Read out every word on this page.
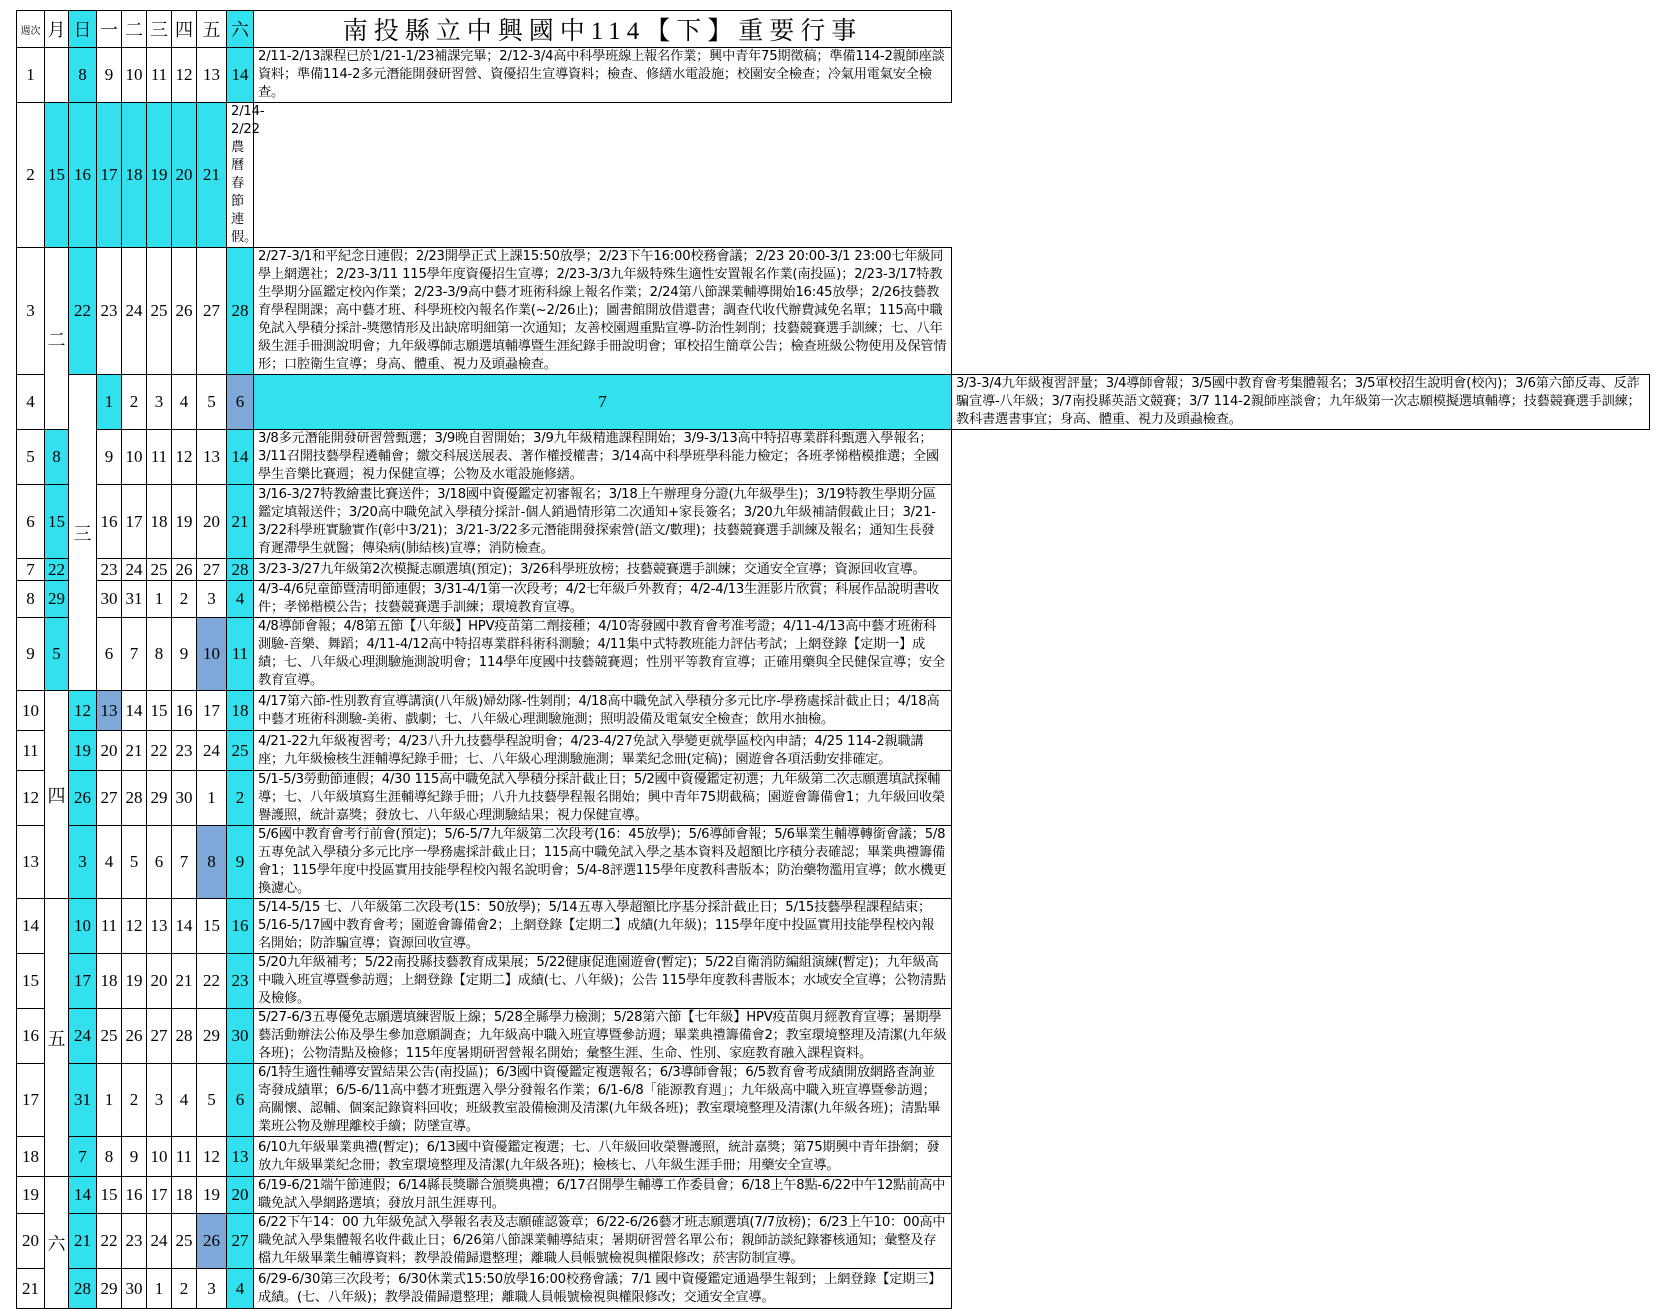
週次	月	日	一	二	三	四	五	六	南投縣立中興國中114【下】重要行事	
1		8	9	10	11	12	13	14	2/11-2/13課程已於1/21-1/23補課完畢；2/12-3/4高中科學班線上報名作業；興中青年75期徵稿；準備114-2親師座談資料；準備114-2多元潛能開發研習營、資優招生宣導資料；檢查、修繕水電設施；校園安全檢查；冷氣用電氣安全檢查。	
2	15	16	17	18	19	20	21	2/14-2/22農曆春節連假。		
3	二	22	23	24	25	26	27	28	2/27-3/1和平紀念日連假；2/23開學正式上課15:50放學；2/23下午16:00校務會議；2/23 20:00-3/1 23:00七年級同學上網選社；2/23-3/11 115學年度資優招生宣導；2/23-3/3九年級特殊生適性安置報名作業(南投區)；2/23-3/17特教生學期分區鑑定校內作業；2/23-3/9高中藝才班術科線上報名作業；2/24第八節課業輔導開始16:45放學；2/26技藝教育學程開課；高中藝才班、科學班校內報名作業(~2/26止)；圖書館開放借還書；調查代收代辦費減免名單；115高中職免試入學積分採計-獎懲情形及出缺席明細第一次通知；友善校園週重點宣導-防治性剝削；技藝競賽選手訓練；七、八年級生涯手冊測說明會；九年級導師志願選填輔導暨生涯紀錄手冊說明會；軍校招生簡章公告；檢查班級公物使用及保管情形；口腔衛生宣導；身高、體重、視力及頭蝨檢查。	
4		三	1	2	3	4	5	6	7	3/3-3/4九年級複習評量；3/4導師會報；3/5國中教育會考集體報名；3/5軍校招生說明會(校內)；3/6第六節反毒、反詐騙宣導-八年級；3/7南投縣英語文競賽；3/7 114-2親師座談會；九年級第一次志願模擬選填輔導；技藝競賽選手訓練；教科書選書事宜；身高、體重、視力及頭蝨檢查。
5	8		9	10	11	12	13	14	3/8多元潛能開發研習營甄選；3/9晚自習開始；3/9九年級精進課程開始；3/9-3/13高中特招專業群科甄選入學報名；3/11召開技藝學程遴輔會；繳交科展送展表、著作權授權書；3/14高中科學班學科能力檢定；各班孝悌楷模推選；全國學生音樂比賽週；視力保健宣導；公物及水電設施修繕。	
6	15		16	17	18	19	20	21	3/16-3/27特教繪畫比賽送件；3/18國中資優鑑定初審報名；3/18上午辦理身分證(九年級學生)；3/19特教生學期分區鑑定填報送件；3/20高中職免試入學積分採計-個人銷過情形第二次通知+家長簽名；3/20九年級補請假截止日；3/21-3/22科學班實驗實作(彰中3/21)；3/21-3/22多元潛能開發探索營(語文/數理)；技藝競賽選手訓練及報名；通知生長發育遲滯學生就醫；傳染病(肺結核)宣導；消防檢查。	
7	22		23	24	25	26	27	28	3/23-3/27九年級第2次模擬志願選填(預定)；3/26科學班放榜；技藝競賽選手訓練；交通安全宣導；資源回收宣導。	
8	29		30	31	1	2	3	4	4/3-4/6兒童節暨清明節連假；3/31-4/1第一次段考；4/2七年級戶外教育；4/2-4/13生涯影片欣賞；科展作品說明書收件；孝悌楷模公告；技藝競賽選手訓練；環境教育宣導。	
9	5		6	7	8	9	10	11	4/8導師會報；4/8第五節【八年級】HPV疫苗第二劑接種；4/10寄發國中教育會考准考證；4/11-4/13高中藝才班術科測驗-音樂、舞蹈；4/11-4/12高中特招專業群科術科測驗；4/11集中式特教班能力評估考試；上網登錄【定期一】成績；七、八年級心理測驗施測說明會；114學年度國中技藝競賽週；性別平等教育宣導；正確用藥與全民健保宣導；安全教育宣導。	
10	四	12	13	14	15	16	17	18	4/17第六節-性別教育宣導講演(八年級)婦幼隊-性剝削；4/18高中職免試入學積分多元比序-學務處採計截止日；4/18高中藝才班術科測驗-美術、戲劇；七、八年級心理測驗施測；照明設備及電氣安全檢查；飲用水抽檢。	
11		19	20	21	22	23	24	25	4/21-22九年級複習考；4/23八升九技藝學程說明會；4/23-4/27免試入學變更就學區校內申請；4/25 114-2親職講座；九年級檢核生涯輔導紀錄手冊；七、八年級心理測驗施測；畢業紀念冊(定稿)；園遊會各項活動安排確定。	
12		26	27	28	29	30	1	2	5/1-5/3勞動節連假；4/30 115高中職免試入學積分採計截止日；5/2國中資優鑑定初選；九年級第二次志願選填試探輔導；七、八年級填寫生涯輔導紀錄手冊；八升九技藝學程報名開始；興中青年75期截稿；園遊會籌備會1；九年級回收榮譽護照，統計嘉獎；發放七、八年級心理測驗結果；視力保健宣導。	
13		3	4	5	6	7	8	9	5/6國中教育會考行前會(預定)；5/6-5/7九年級第二次段考(16：45放學)；5/6導師會報；5/6畢業生輔導轉銜會議；5/8五專免試入學積分多元比序一學務處採計截止日；115高中職免試入學之基本資料及超額比序積分表確認；畢業典禮籌備會1；115學年度中投區實用技能學程校內報名說明會；5/4-8評選115學年度教科書版本；防治藥物濫用宣導；飲水機更換濾心。	
14	五	10	11	12	13	14	15	16	5/14-5/15 七、八年級第二次段考(15：50放學)；5/14五專入學超額比序基分採計截止日；5/15技藝學程課程結束；5/16-5/17國中教育會考；園遊會籌備會2；上網登錄【定期二】成績(九年級)；115學年度中投區實用技能學程校內報名開始；防詐騙宣導；資源回收宣導。	
15		17	18	19	20	21	22	23	5/20九年級補考；5/22南投縣技藝教育成果展；5/22健康促進園遊會(暫定)；5/22自衛消防編組演練(暫定)；九年級高中職入班宣導暨參訪週；上網登錄【定期二】成績(七、八年級)；公告 115學年度教科書版本；水域安全宣導；公物清點及檢修。	
16		24	25	26	27	28	29	30	5/27-6/3五專優免志願選填練習版上線；5/28全縣學力檢測；5/28第六節【七年級】HPV疫苗與月經教育宣導；暑期學藝活動辦法公佈及學生參加意願調查；九年級高中職入班宣導暨參訪週；畢業典禮籌備會2；教室環境整理及清潔(九年級各班)；公物清點及檢修；115年度暑期研習營報名開始；彙整生涯、生命、性別、家庭教育融入課程資料。	
17		31	1	2	3	4	5	6	6/1特生適性輔導安置結果公告(南投區)；6/3國中資優鑑定複選報名；6/3導師會報；6/5教育會考成績開放網路查詢並寄發成績單；6/5-6/11高中藝才班甄選入學分發報名作業；6/1-6/8「能源教育週」；九年級高中職入班宣導暨參訪週；高關懷、認輔、個案記錄資料回收；班級教室設備檢測及清潔(九年級各班)；教室環境整理及清潔(九年級各班)；清點畢業班公物及辦理離校手續；防墜宣導。	
18		7	8	9	10	11	12	13	6/10九年級畢業典禮(暫定)；6/13國中資優鑑定複選；七、八年級回收榮譽護照，統計嘉獎；第75期興中青年掛網；發放九年級畢業紀念冊；教室環境整理及清潔(九年級各班)；檢核七、八年級生涯手冊；用藥安全宣導。	
19	六	14	15	16	17	18	19	20	6/19-6/21端午節連假；6/14縣長獎聯合頒獎典禮；6/17召開學生輔導工作委員會；6/18上午8點-6/22中午12點前高中職免試入學網路選填；發放月訊生涯專刊。	
20		21	22	23	24	25	26	27	6/22下午14：00 九年級免試入學報名表及志願確認簽章；6/22-6/26藝才班志願選填(7/7放榜)；6/23上午10：00高中職免試入學集體報名收件截止日；6/26第八節課業輔導結束；暑期研習營名單公布；親師訪談紀錄審核通知；彙整及存檔九年級畢業生輔導資料；教學設備歸還整理；離職人員帳號檢視與權限修改；菸害防制宣導。	
21		28	29	30	1	2	3	4	6/29-6/30第三次段考；6/30休業式15:50放學16:00校務會議；7/1 國中資優鑑定通過學生報到；上網登錄【定期三】成績。(七、八年級)；教學設備歸還整理；離職人員帳號檢視與權限修改；交通安全宣導。	
